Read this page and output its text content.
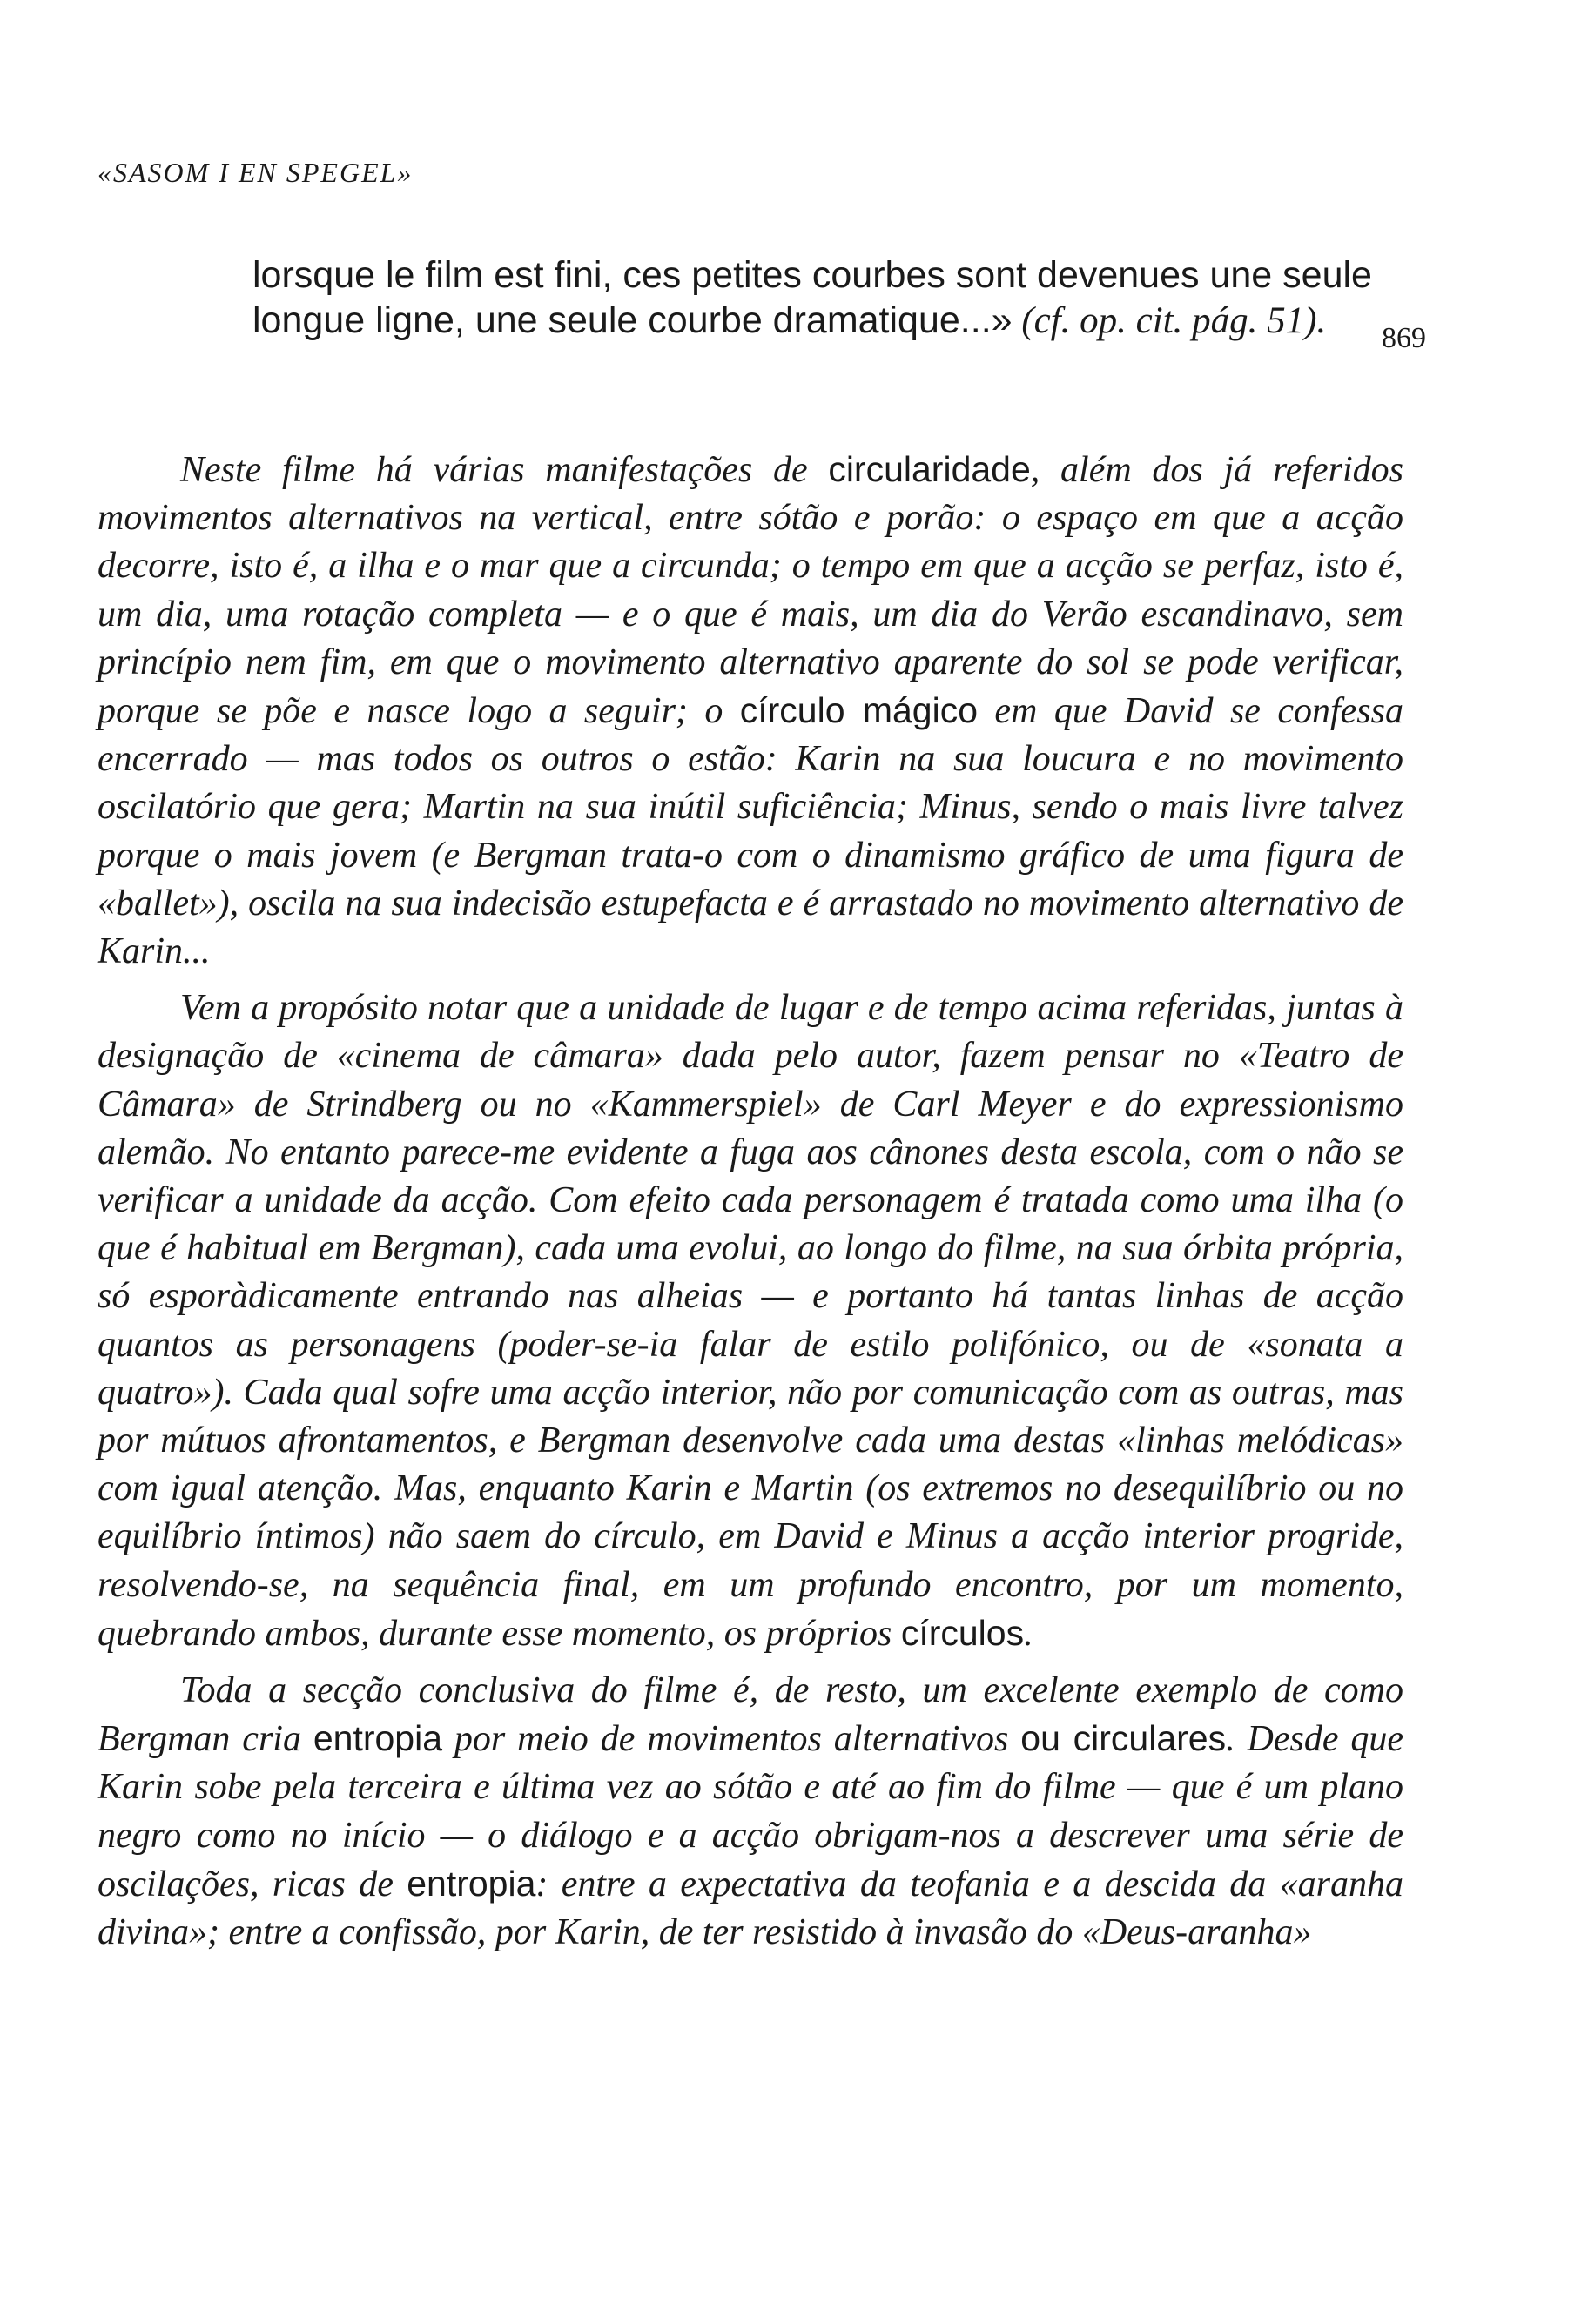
«SASOM I EN SPEGEL»
869
lorsque le film est fini, ces petites courbes sont devenues une seule longue ligne, une seule courbe dramatique...» (cf. op. cit. pág. 51).

Neste filme há várias manifestações de circularidade, além dos já referidos movimentos alternativos na vertical, entre sótão e porão: o espaço em que a acção decorre, isto é, a ilha e o mar que a circunda; o tempo em que a acção se perfaz, isto é, um dia, uma rotação completa — e o que é mais, um dia do Verão escandinavo, sem princípio nem fim, em que o movimento alternativo aparente do sol se pode verificar, porque se põe e nasce logo a seguir; o círculo mágico em que David se confessa encerrado — mas todos os outros o estão: Karin na sua loucura e no movimento oscilatório que gera; Martin na sua inútil suficiência; Minus, sendo o mais livre talvez porque o mais jovem (e Bergman trata-o com o dinamismo gráfico de uma figura de «ballet»), oscila na sua indecisão estupefacta e é arrastado no movimento alternativo de Karin...

Vem a propósito notar que a unidade de lugar e de tempo acima referidas, juntas à designação de «cinema de câmara» dada pelo autor, fazem pensar no «Teatro de Câmara» de Strindberg ou no «Kammerspiel» de Carl Meyer e do expressionismo alemão. No entanto parece-me evidente a fuga aos cânones desta escola, com o não se verificar a unidade da acção. Com efeito cada personagem é tratada como uma ilha (o que é habitual em Bergman), cada uma evolui, ao longo do filme, na sua órbita própria, só esporàdicamente entrando nas alheias — e portanto há tantas linhas de acção quantos as personagens (poder-se-ia falar de estilo polifónico, ou de «sonata a quatro»). Cada qual sofre uma acção interior, não por comunicação com as outras, mas por mútuos afrontamentos, e Bergman desenvolve cada uma destas «linhas melódicas» com igual atenção. Mas, enquanto Karin e Martin (os extremos no desequilíbrio ou no equilíbrio íntimos) não saem do círculo, em David e Minus a acção interior progride, resolvendo-se, na sequência final, em um profundo encontro, por um momento, quebrando ambos, durante esse momento, os próprios círculos.

Toda a secção conclusiva do filme é, de resto, um excelente exemplo de como Bergman cria entropia por meio de movimentos alternativos ou circulares. Desde que Karin sobe pela terceira e última vez ao sótão e até ao fim do filme — que é um plano negro como no início — o diálogo e a acção obrigam-nos a descrever uma série de oscilações, ricas de entropia: entre a expectativa da teofania e a descida da «aranha divina»; entre a confissão, por Karin, de ter resistido à invasão do «Deus-aranha»
